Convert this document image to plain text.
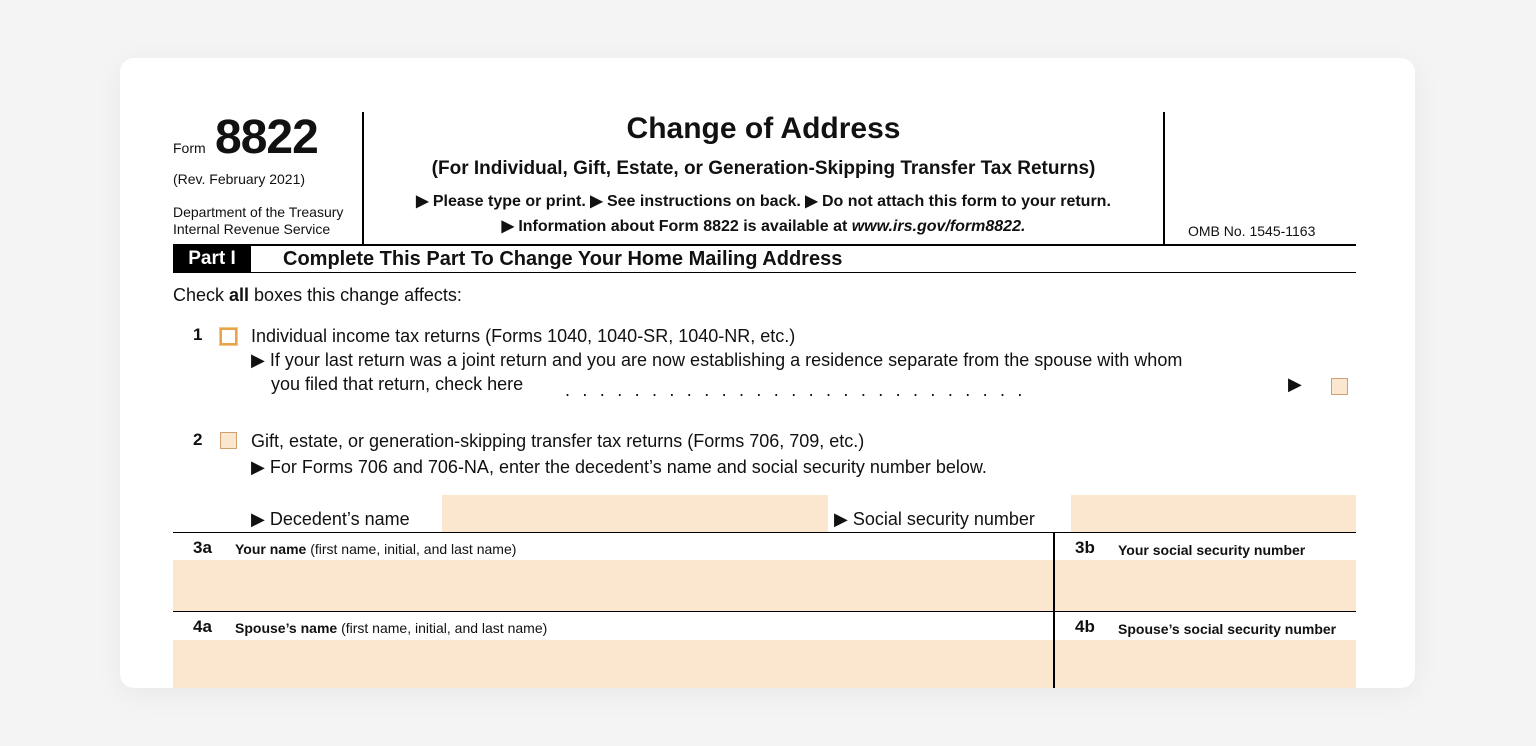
Form 8822
(Rev. February 2021)
Department of the Treasury
Internal Revenue Service
Change of Address
(For Individual, Gift, Estate, or Generation-Skipping Transfer Tax Returns)
▶ Please type or print. ▶ See instructions on back. ▶ Do not attach this form to your return.
▶ Information about Form 8822 is available at www.irs.gov/form8822.	OMB No. 1545-1163
Part I	Complete This Part To Change Your Home Mailing Address
Check all boxes this change affects:
1	Individual income tax returns (Forms 1040, 1040-SR, 1040-NR, etc.)
▶ If your last return was a joint return and you are now establishing a residence separate from the spouse with whom
you filed that return, check here ...........................	▶
2	Gift, estate, or generation-skipping transfer tax returns (Forms 706, 709, etc.)
▶ For Forms 706 and 706-NA, enter the decedent’s name and social security number below.
▶ Decedent’s name	▶ Social security number
3a Your name (first name, initial, and last name)	3b Your social security number
4a Spouse’s name (first name, initial, and last name)	4b Spouse’s social security number
